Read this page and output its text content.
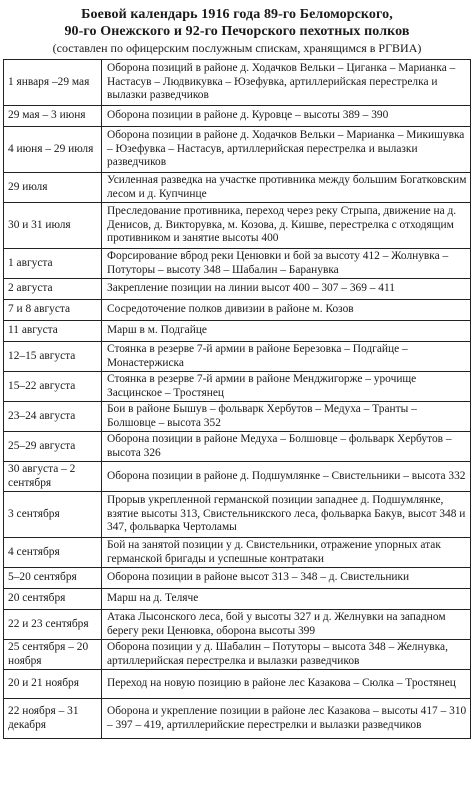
Боевой календарь 1916 года 89-го Беломорского,
90-го Онежского и 92-го Печорского пехотных полков
(составлен по офицерским послужным спискам, хранящимся в РГВИА)
1 января –29 мая	Оборона позиций в районе д. Ходачков Вельки – Циганка – Марианка – Настасув – Людвикувка – Юзефувка, артиллерийская перестрелка и вылазки разведчиков
29 мая – 3 июня	Оборона позиции в районе д. Куровце – высоты 389 – 390
4 июня – 29 июля	Оборона позиции в районе д. Ходачков Вельки – Марианка – Микишувка – Юзефувка – Настасув, артиллерийская перестрелка и вылазки разведчиков
29 июля	Усиленная разведка на участке противника между большим Богатковским лесом и д. Купчинце
30 и 31 июля	Преследование противника, переход через реку Стрыпа, движение на д. Денисов, д. Викторувка, м. Козова, д. Кишве, перестрелка с отходящим противником и занятие высоты 400
1 августа	Форсирование вброд реки Ценювки и бой за высоту 412 – Жолнувка – Потуторы – высоту 348 – Шабалин – Баранувка
2 августа	Закрепление позиции на линии высот 400 – 307 – 369 – 411
7 и 8 августа	Сосредоточение полков дивизии в районе м. Козов
11 августа	Марш в м. Подгайце
12–15 августа	Стоянка в резерве 7-й армии в районе Березовка – Подгайце – Монастержиска
15–22 августа	Стоянка в резерве 7-й армии в районе Менджигорже – урочище Засцинское – Тростянец
23–24 августа	Бои в районе Бышув – фольварк Хербутов – Медуха – Транты – Болшовце – высота 352
25–29 августа	Оборона позиции в районе Медуха – Болшовце – фольварк Хербутов – высота 326
30 августа – 2 сентября	Оборона позиции в районе д. Подшумлянке – Свистельники – высота 332
3 сентября	Прорыв укрепленной германской позиции западнее д. Подшумлянке, взятие высоты 313, Свистельникского леса, фольварка Бакув, высот 348 и 347, фольварка Чертоламы
4 сентября	Бой на занятой позиции у д. Свистельники, отражение упорных атак германской бригады и успешные контратаки
5–20 сентября	Оборона позиции в районе высот 313 – 348 – д. Свистельники
20 сентября	Марш на д. Теляче
22 и 23 сентября	Атака Лысонского леса, бой у высоты 327 и д. Желнувки на западном берегу реки Ценювка, оборона высоты 399
25 сентября – 20 ноября	Оборона позиции у д. Шабалин – Потуторы – высота 348 – Желнувка, артиллерийская перестрелка и вылазки разведчиков
20 и 21 ноября	Переход на новую позицию в районе лес Казакова – Сюлка – Тростянец
22 ноября – 31 декабря	Оборона и укрепление позиции в районе лес Казакова – высоты 417 – 310 – 397 – 419, артиллерийские перестрелки и вылазки разведчиков
